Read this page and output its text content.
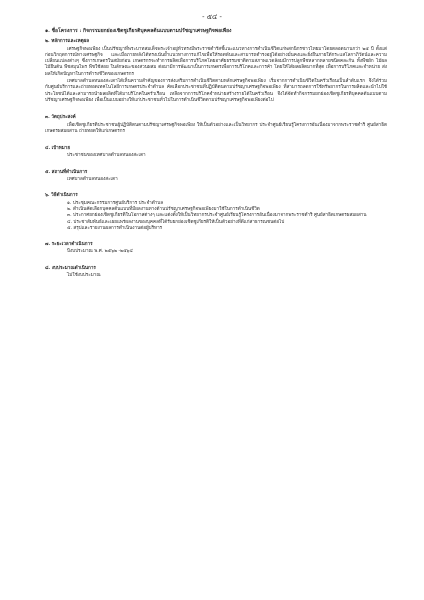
- ๕๔ -
๑. ชื่อโครงการ : กิจกรรมยกย่องเชิดชูเกียรติบุคคลต้นแบบตามปรัชญาเศรษฐกิจพอเพียง
๒. หลักการและเหตุผล

เศรษฐกิจพอเพียง เป็นปรัชญาที่พระบาทสมเด็จพระเจ้าอยู่หัวทรงมีพระราชดำรัสชี้แนะแนวทางการดำเนินชีวิตแก่พสกนิกรชาวไทยมาโดยตลอดนานกว่า ๒๕ ปี ตั้งแต่ก่อนวิกฤตการณ์ทางเศรษฐกิจ และเมื่อภายหลังได้ทรงเน้นย้ำแนวทางการแก้ไขเพื่อให้รอดพ้นและสามารถดำรงอยู่ได้อย่างมั่นคงและยั่งยืนภายใต้กระแสโลกาภิวัตน์และความเปลี่ยนแปลงต่างๆ ซึ่งการเกษตรในสมัยก่อน เกษตรกรจะทำการผลิตเพื่อการบริโภคโดยอาศัยธรรมชาติตามสภาพแวดล้อมมีการปลูกพืชหลากหลายชนิดคละกัน ทั้งพืชผัก ไม้ผล ไม้ยืนต้น พืชสมุนไพร พืชใช้สอย ในลักษณะของสวนผสม ต่อมามีการพัฒนาเป็นการเกษตรเพื่อการบริโภคและการค้า โดยให้ได้ผลผลิตมากที่สุด เพื่อการบริโภคและจำหน่าย ส่งผลให้เกิดปัญหาในการดำรงชีวิตของเกษตรกร

เทศบาลตำบลหนองสะเดาได้เห็นความสำคัญของการส่งเสริมการดำเนินชีวิตตามหลักเศรษฐกิจพอเพียง เริ่มจากการดำเนินชีวิตในครัวเรือนเป็นลำดับแรก จึงได้ร่วมกับศูนย์บริการและถ่ายทอดเทคโนโลยีการเกษตรประจำตำบล คัดเลือกประชาชนที่ปฏิบัติตนตามปรัชญาเศรษฐกิจพอเพียง ที่สามารถลดการใช้ทรัพยากรในการผลิตและนำไปใช้ประโยชน์ได้และสามารถนำผลผลิตที่ได้มาบริโภคในครัวเรือน เหลือจากการบริโภคจำหน่ายสร้างรายได้ในครัวเรือน จึงได้จัดทำกิจกรรมยกย่องเชิดชูเกียรติบุคคลต้นแบบตามปรัชญาเศรษฐกิจพอเพียง เพื่อเป็นแบบอย่างให้แก่ประชาชนทั่วไปในการดำเนินชีวิตตามปรัชญาเศรษฐกิจพอเพียงต่อไป

๓. วัตถุประสงค์

เพื่อเชิดชูเกียรติประชาชนผู้ปฏิบัติตนตามปรัชญาเศรษฐกิจพอเพียง ให้เป็นตัวอย่างและเป็นวิทยากร ประจำศูนย์เรียนรู้โครงการอันเนื่องมาจากพระราชดำริ ศูนย์สาธิตเกษตรผสมผสาน ถ่ายทอดให้แก่เกษตรกร

๔. เป้าหมาย

ประชาชนของเทศบาลตำบลหนองสะเดา

๕. สถานที่ดำเนินการ

เทศบาลตำบลหนองสะเดา

๖. วิธีดำเนินการ
๑. ประชุมคณะกรรมการศูนย์บริการ ประจำตำบล
๒. ดำเนินคัดเลือกบุคคลต้นแบบที่มีผลงานทางด้านปรัชญาเศรษฐกิจพอเพียงมาใช้ในการดำเนินชีวิต
๓. ประกาศยกย่องเชิดชูเกียรติในโอกาสต่างๆ และแต่งตั้งให้เป็นวิทยากรประจำศูนย์เรียนรู้โครงการอันเนื่องมาจากพระราชดำริ ศูนย์สาธิตเกษตรผสมผสาน
๔. ประชาสัมพันธ์และเผยแพร่ผลงานของบุคคลที่ได้รับยกย่องเชิดชูเกียรติให้เป็นตัวอย่างที่ดีแก่สาธารณชนต่อไป
๕. สรุปและรายงานผลการดำเนินงานต่อผู้บริหาร
๗. ระยะเวลาดำเนินการ

ปีงบประมาณ พ.ศ. ๒๕๖๒ -๒๕๖๔

๘. งบประมาณดำเนินการ

ไม่ใช้งบประมาณ
